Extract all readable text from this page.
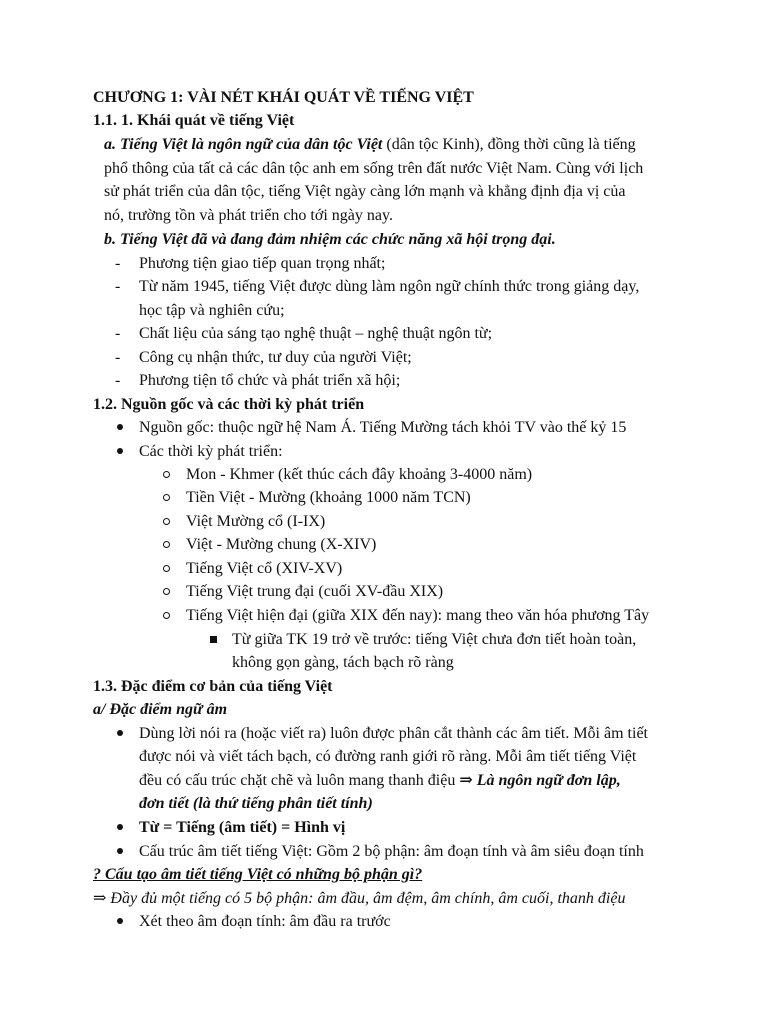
CHƯƠNG 1: VÀI NÉT KHÁI QUÁT VỀ TIẾNG VIỆT
1.1. 1. Khái quát về tiếng Việt
a. Tiếng Việt là ngôn ngữ của dân tộc Việt (dân tộc Kinh), đồng thời cũng là tiếng
phổ thông của tất cả các dân tộc anh em sống trên đất nước Việt Nam. Cùng với lịch
sử phát triển của dân tộc, tiếng Việt ngày càng lớn mạnh và khẳng định địa vị của
nó, trường tồn và phát triển cho tới ngày nay.
b. Tiếng Việt đã và đang đảm nhiệm các chức năng xã hội trọng đại.
-	Phương tiện giao tiếp quan trọng nhất;
-	Từ năm 1945, tiếng Việt được dùng làm ngôn ngữ chính thức trong giảng dạy,
học tập và nghiên cứu;
-	Chất liệu của sáng tạo nghệ thuật – nghệ thuật ngôn từ;
-	Công cụ nhận thức, tư duy của người Việt;
-	Phương tiện tổ chức và phát triển xã hội;
1.2. Nguồn gốc và các thời kỳ phát triển
Nguồn gốc: thuộc ngữ hệ Nam Á. Tiếng Mường tách khỏi TV vào thế kỷ 15
Các thời kỳ phát triển:
Mon - Khmer (kết thúc cách đây khoảng 3-4000 năm)
Tiền Việt - Mường (khoảng 1000 năm TCN)
Việt Mường cổ (I-IX)
Việt - Mường chung (X-XIV)
Tiếng Việt cổ (XIV-XV)
Tiếng Việt trung đại (cuối XV-đầu XIX)
Tiếng Việt hiện đại (giữa XIX đến nay): mang theo văn hóa phương Tây
Từ giữa TK 19 trở về trước: tiếng Việt chưa đơn tiết hoàn toàn,
không gọn gàng, tách bạch rõ ràng
1.3. Đặc điểm cơ bản của tiếng Việt
a/ Đặc điểm ngữ âm
Dùng lời nói ra (hoặc viết ra) luôn được phân cắt thành các âm tiết. Mỗi âm tiết
được nói và viết tách bạch, có đường ranh giới rõ ràng. Mỗi âm tiết tiếng Việt
đều có cấu trúc chặt chẽ và luôn mang thanh điệu ⇒ Là ngôn ngữ đơn lập,
đơn tiết (là thứ tiếng phân tiết tính)
Từ = Tiếng (âm tiết) = Hình vị
Cấu trúc âm tiết tiếng Việt: Gồm 2 bộ phận: âm đoạn tính và âm siêu đoạn tính
? Cấu tạo âm tiết tiếng Việt có những bộ phận gì?
⇒ Đầy đủ một tiếng có 5 bộ phận: âm đầu, âm đệm, âm chính, âm cuối, thanh điệu
Xét theo âm đoạn tính: âm đầu ra trước
